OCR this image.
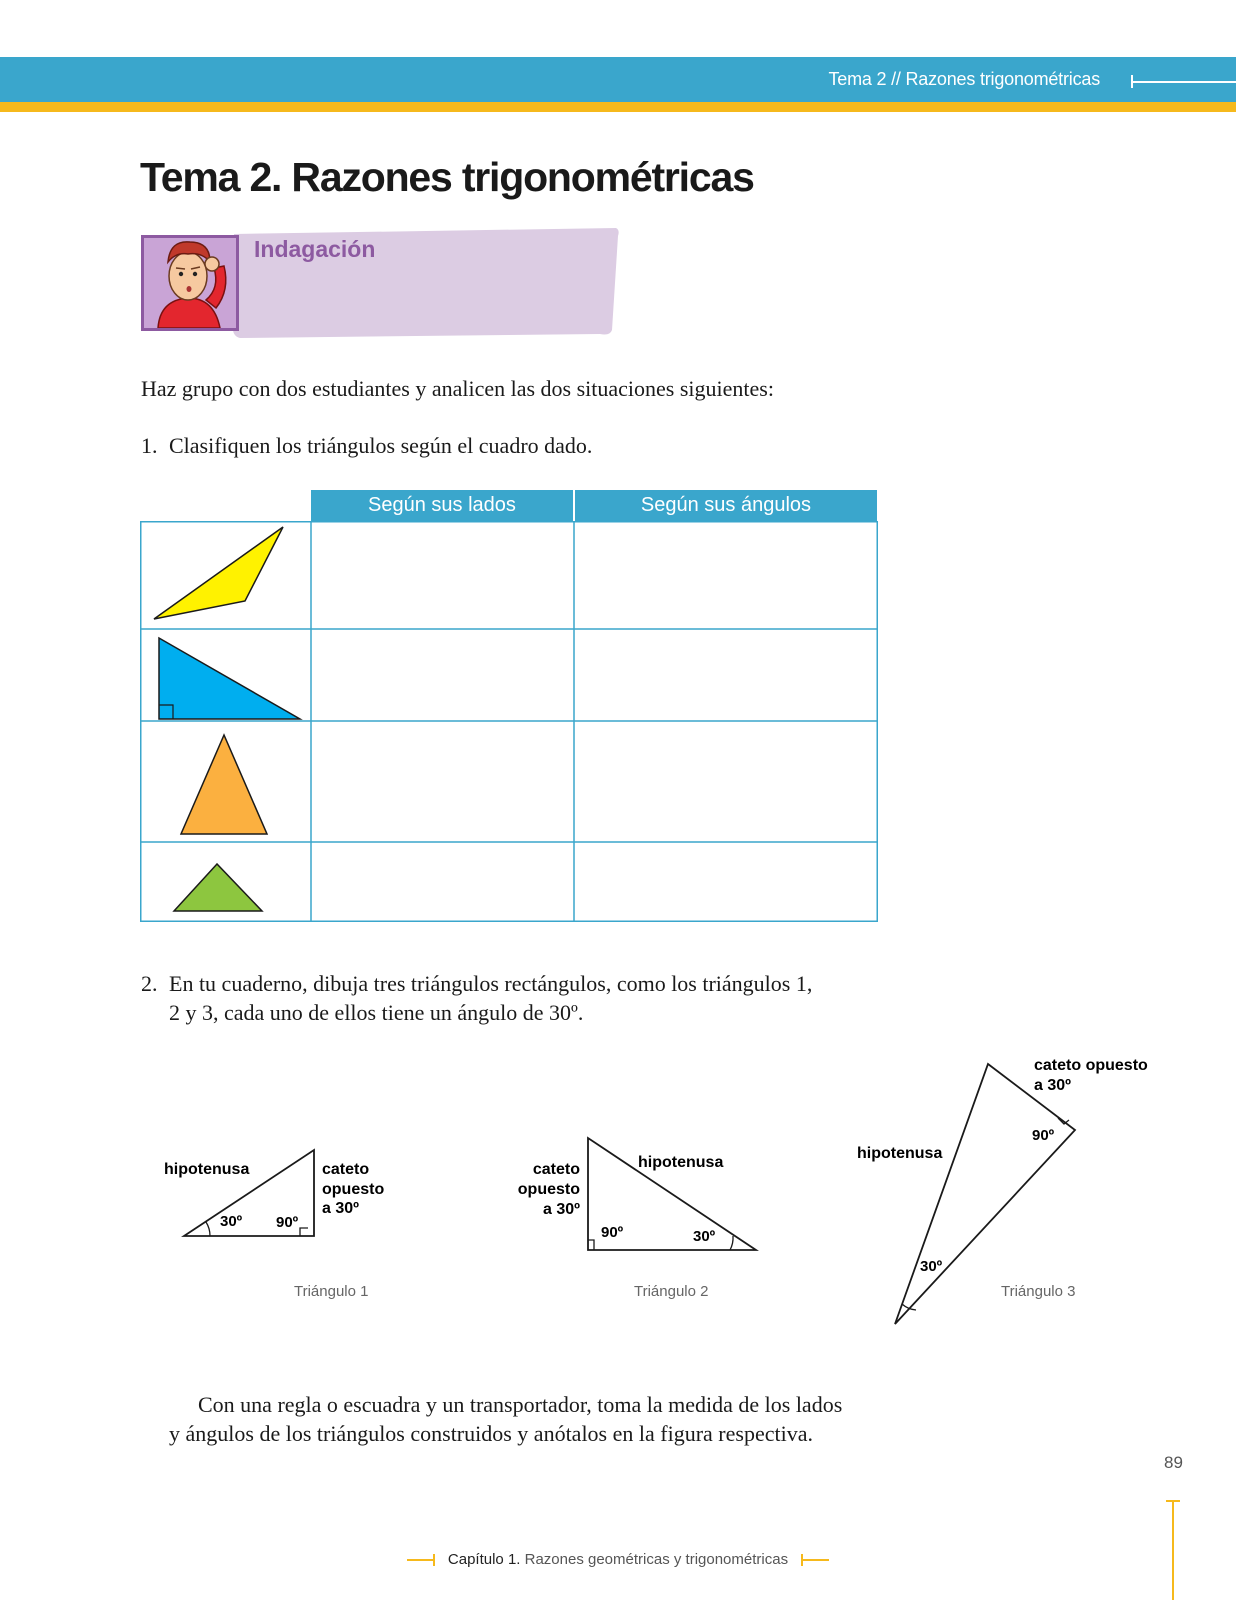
Tema 2 // Razones trigonométricas
Tema 2. Razones trigonométricas
Indagación
Haz grupo con dos estudiantes y analicen las dos situaciones siguientes:
1. Clasifiquen los triángulos según el cuadro dado.
Según sus lados	Según sus ángulos
2. En tu cuaderno, dibuja tres triángulos rectángulos, como los triángulos 1,
2 y 3, cada uno de ellos tiene un ángulo de 30º.
hipotenusa	cateto
opuesto
a 30º
30º 90º
Triángulo 1
cateto
opuesto
a 30º
hipotenusa
90º	30º
Triángulo 2
cateto opuesto
a 30º
90º
hipotenusa
30º
Triángulo 3
Con una regla o escuadra y un transportador, toma la medida de los lados
y ángulos de los triángulos construidos y anótalos en la figura respectiva.
89
Capítulo 1. Razones geométricas y trigonométricas
